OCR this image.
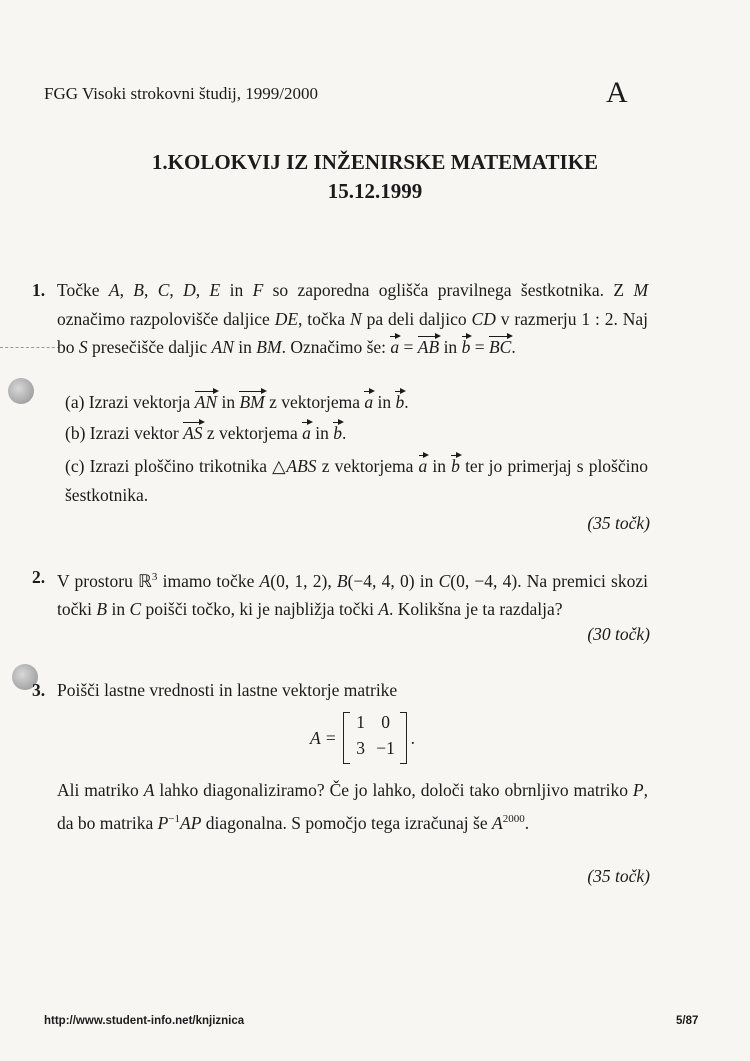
FGG Visoki strokovni študij, 1999/2000	A
1.KOLOKVIJ IZ INŽENIRSKE MATEMATIKE
15.12.1999
1. Točke A, B, C, D, E in F so zaporedna oglišča pravilnega šestkotnika. Z M označimo razpolovišče daljice DE, točka N pa deli daljico CD v razmerju 1 : 2. Naj bo S presečišče daljic AN in BM. Označimo še: a = AB in b = BC.
(a) Izrazi vektorja AN in BM z vektorjema a in b.
(b) Izrazi vektor AS z vektorjema a in b.
(c) Izrazi ploščino trikotnika △ABS z vektorjema a in b ter jo primerjaj s ploščino šestkotnika.
(35 točk)
2. V prostoru ℝ$^3$ imamo točke A(0, 1, 2), B(−4, 4, 0) in C(0, −4, 4). Na premici skozi točki B in C poišči točko, ki je najbližja točki A. Kolikšna je ta razdalja?
(30 točk)
3. Poišči lastne vrednosti in lastne vektorje matrike
A =
1 0
3 −1
.
Ali matriko A lahko diagonaliziramo? Če jo lahko, določi tako obrnljivo matriko P, da bo matrika $P^{-1}AP$ diagonalna. S pomočjo tega izračunaj še $A^{2000}$.
(35 točk)
http://www.student-info.net/knjiznica	5/87
